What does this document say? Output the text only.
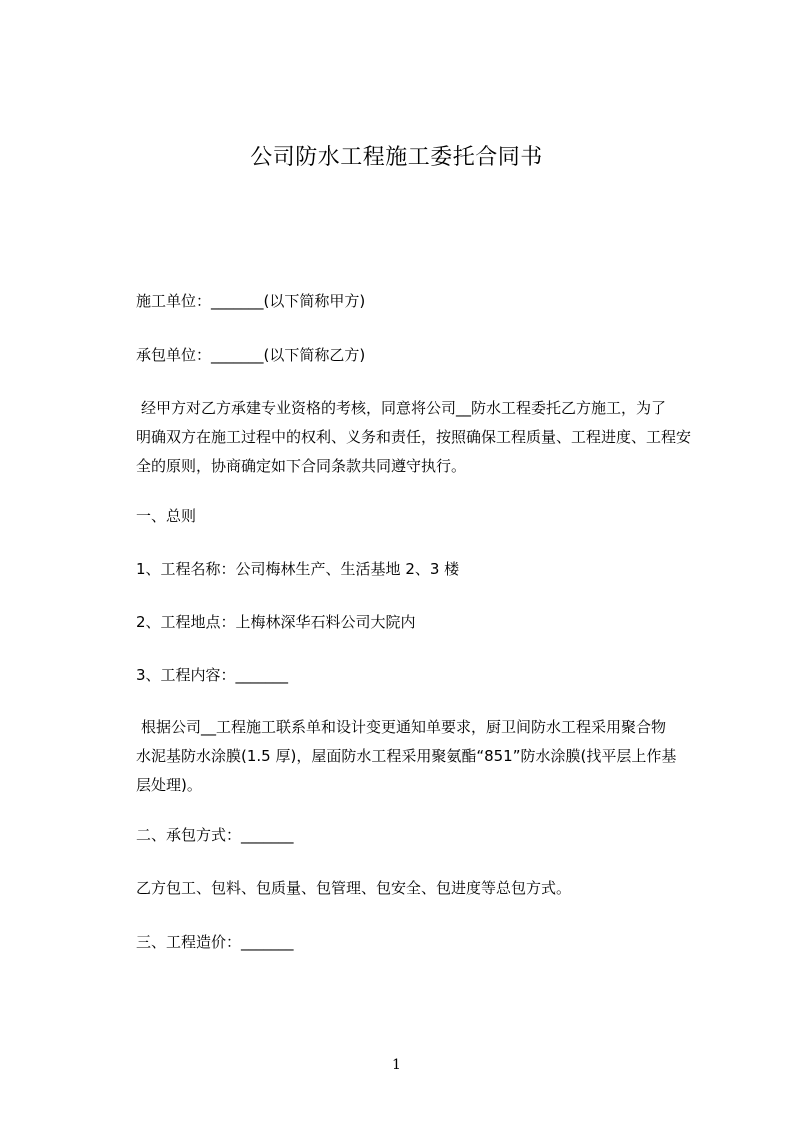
公司防水工程施工委托合同书
施工单位：_______(以下简称甲方)
承包单位：_______(以下简称乙方)
经甲方对乙方承建专业资格的考核，同意将公司__防水工程委托乙方施工，为了
明确双方在施工过程中的权利、义务和责任，按照确保工程质量、工程进度、工程安
全的原则，协商确定如下合同条款共同遵守执行。
一、总则
1、工程名称：公司梅林生产、生活基地 2、3 楼
2、工程地点：上梅林深华石料公司大院内
3、工程内容：_______
根据公司__工程施工联系单和设计变更通知单要求，厨卫间防水工程采用聚合物
水泥基防水涂膜(1.5 厚)，屋面防水工程采用聚氨酯“851”防水涂膜(找平层上作基
层处理)。
二、承包方式：_______
乙方包工、包料、包质量、包管理、包安全、包进度等总包方式。
三、工程造价：_______
1
